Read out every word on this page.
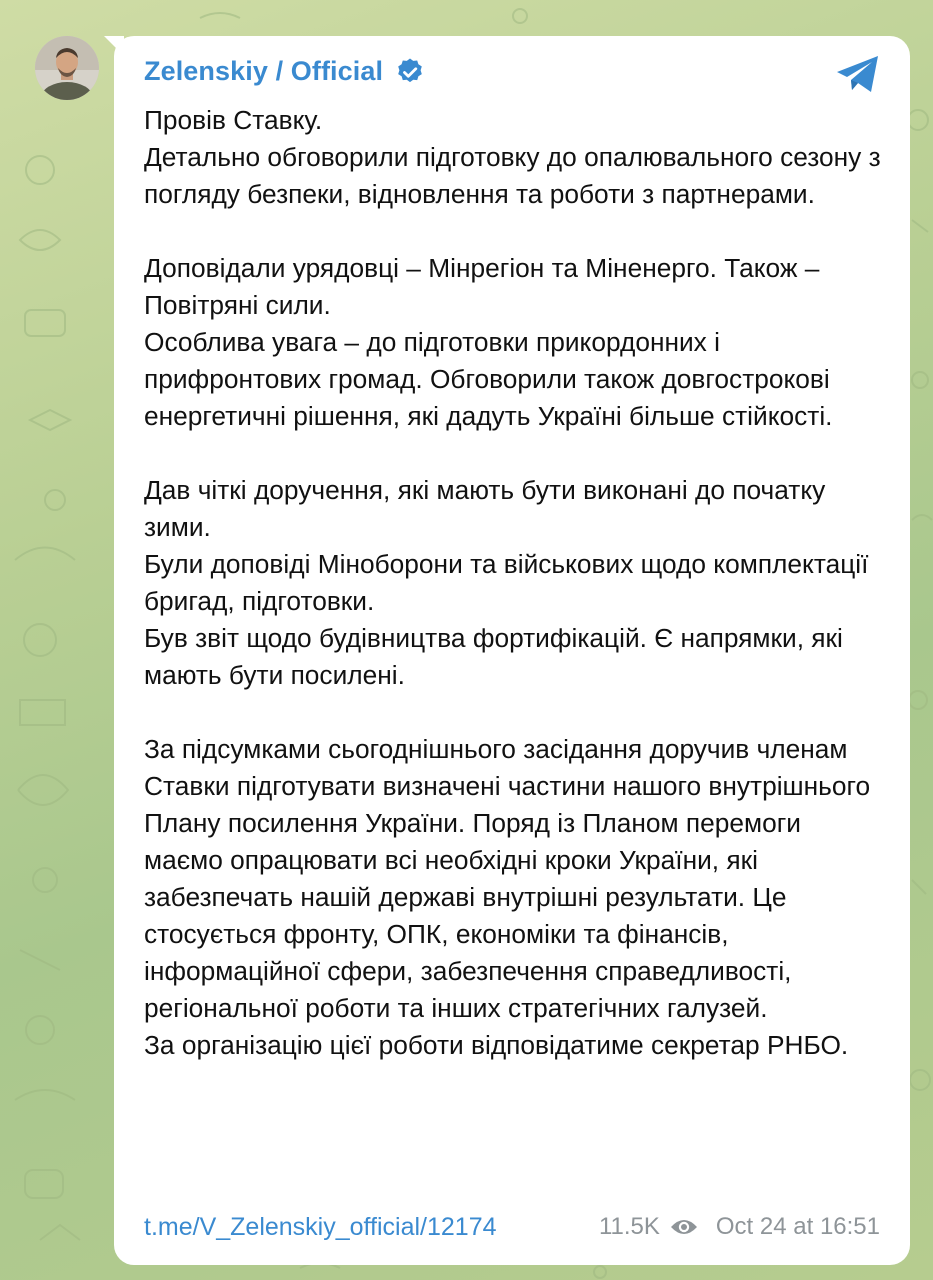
Zelenskiy / Official
Провів Ставку.
Детально обговорили підготовку до опалювального сезону з погляду безпеки, відновлення та роботи з партнерами.

Доповідали урядовці – Мінрегіон та Міненерго. Також – Повітряні сили.
Особлива увага – до підготовки прикордонних і прифронтових громад. Обговорили також довгострокові енергетичні рішення, які дадуть Україні більше стійкості.

Дав чіткі доручення, які мають бути виконані до початку зими.
Були доповіді Міноборони та військових щодо комплектації бригад, підготовки.
Був звіт щодо будівництва фортифікацій. Є напрямки, які мають бути посилені.

За підсумками сьогоднішнього засідання доручив членам Ставки підготувати визначені частини нашого внутрішнього Плану посилення України. Поряд із Планом перемоги маємо опрацювати всі необхідні кроки України, які забезпечать нашій державі внутрішні результати. Це стосується фронту, ОПК, економіки та фінансів, інформаційної сфери, забезпечення справедливості, регіональної роботи та інших стратегічних галузей.
За організацію цієї роботи відповідатиме секретар РНБО.
t.me/V_Zelenskiy_official/12174	11.5K Oct 24 at 16:51
